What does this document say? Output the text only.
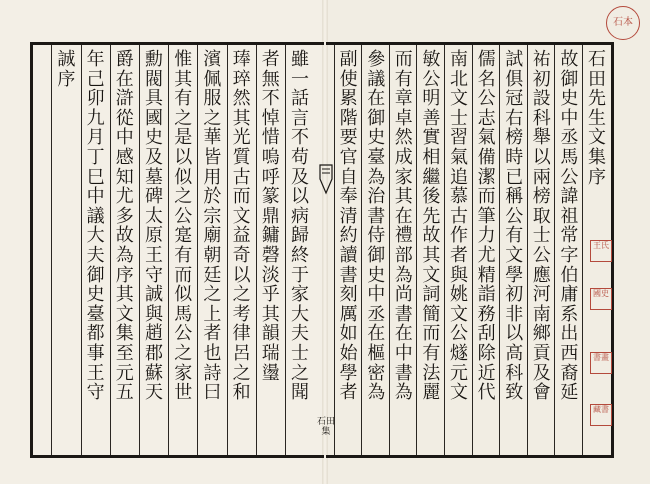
石
田
先
生
文
集
序
故
御
史
中
丞
馬
公
諱
祖
常
字
伯
庸
系
出
西
裔
延
祐
初
設
科
舉
以
兩
榜
取
士
公
應
河
南
鄉
貢
及
會
試
俱
冠
右
榜
時
已
稱
公
有
文
學
初
非
以
高
科
致
儒
名
公
志
氣
備
潔
而
筆
力
尤
精
詣
務
刮
除
近
代
南
北
文
士
習
氣
追
慕
古
作
者
與
姚
文
公
燧
元
文
敏
公
明
善
實
相
繼
後
先
故
其
文
詞
簡
而
有
法
麗
而
有
章
卓
然
成
家
其
在
禮
部
為
尚
書
在
中
書
為
參
議
在
御
史
臺
為
治
書
侍
御
史
中
丞
在
樞
密
為
副
使
累
階
要
官
自
奉
清
約
讀
書
刻
厲
如
始
學
者
雖
一
話
言
不
苟
及
以
病
歸
終
于
家
大
夫
士
之
聞
者
無
不
悼
惜
嗚
呼
篆
鼎
鏞
磬
淡
乎
其
韻
瑞
璗
琫
琗
然
其
光
質
古
而
文
益
奇
以
之
考
律
呂
之
和
濱
佩
服
之
華
皆
用
於
宗
廟
朝
廷
之
上
者
也
詩
曰
惟
其
有
之
是
以
似
之
公
寔
有
而
似
馬
公
之
家
世
勳
閥
具
國
史
及
墓
碑
太
原
王
守
誠
與
趙
郡
蘇
天
爵
在
滸
從
中
感
知
尤
多
故
為
序
其
文
集
至
元
五
年
己
卯
九
月
丁
巳
中
議
大
夫
御
史
臺
都
事
王
守
誠
序
石田集
石本
王氏
國史
書畫
藏書
